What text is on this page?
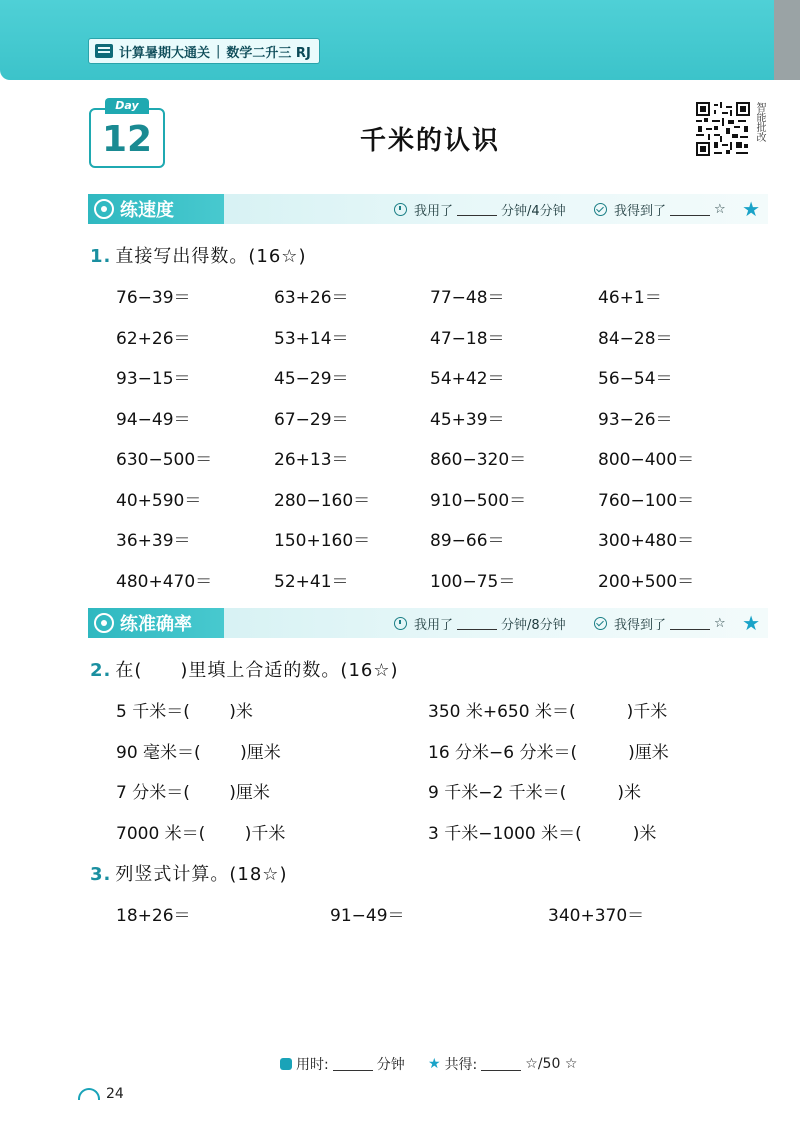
计算暑期大通关 | 数学二升三 RJ
Day
12	千米的认识	智能批改
练速度	我用了	分钟/4分钟	我得到了	☆ ★
1. 直接写出得数。(16☆)
76−39＝	63+26＝	77−48＝	46+1＝
62+26＝	53+14＝	47−18＝	84−28＝
93−15＝	45−29＝	54+42＝	56−54＝
94−49＝	67−29＝	45+39＝	93−26＝
630−500＝	26+13＝	860−320＝	800−400＝
40+590＝	280−160＝	910−500＝	760−100＝
36+39＝	150+160＝	89−66＝	300+480＝
480+470＝	52+41＝	100−75＝	200+500＝
练准确率	我用了	分钟/8分钟	我得到了	☆ ★
2. 在(　　)里填上合适的数。(16☆)
5 千米＝(　　 )米	350 米+650 米＝(　　　)千米
90 毫米＝(　　 )厘米	16 分米−6 分米＝(　　　)厘米
7 分米＝(　　 )厘米	9 千米−2 千米＝(　　　)米
7000 米＝(　　 )千米	3 千米−1000 米＝(　　　)米
3. 列竖式计算。(18☆)
18+26＝	91−49＝	340+370＝
用时:	分钟 ★ 共得:	☆/50 ☆
24
